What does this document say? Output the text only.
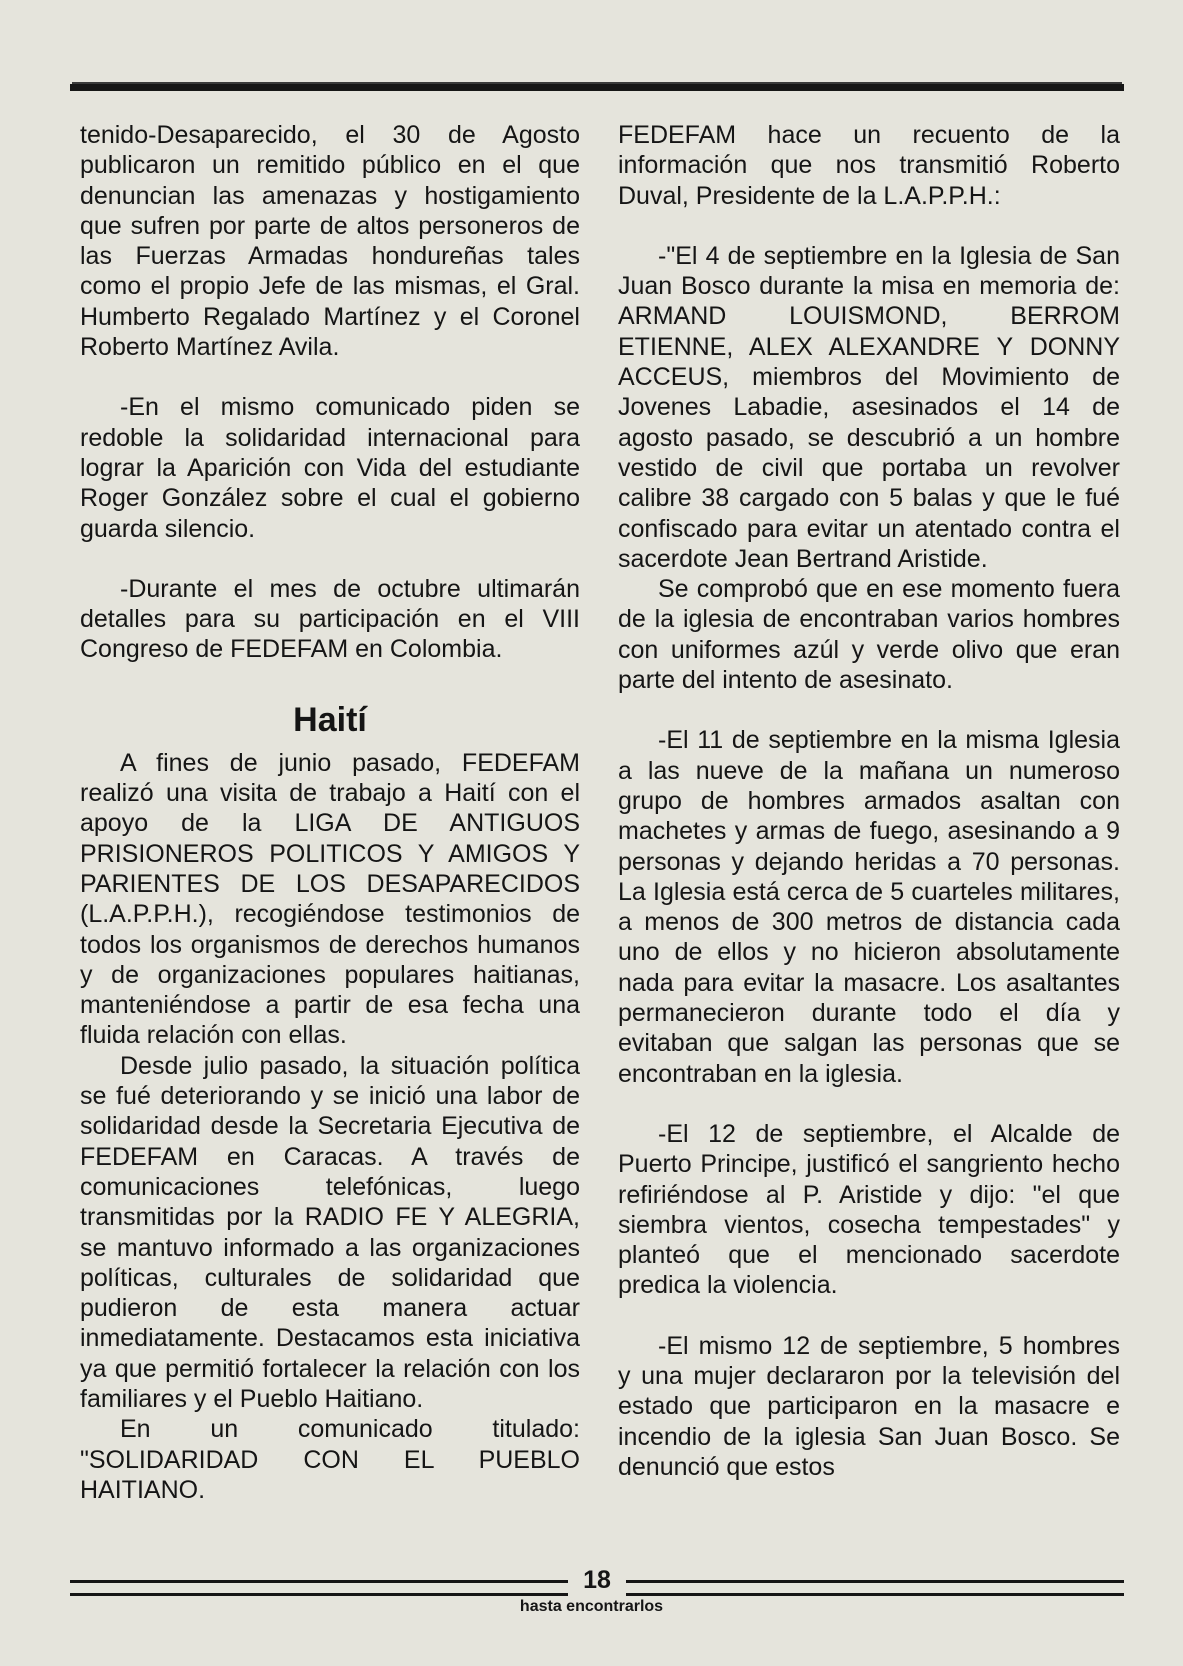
tenido-Desaparecido, el 30 de Agosto publicaron un remitido público en el que denuncian las amenazas y hostigamiento que sufren por parte de altos personeros de las Fuerzas Armadas hondureñas tales como el propio Jefe de las mismas, el Gral. Humberto Regalado Martínez y el Coronel Roberto Martínez Avila.

-En el mismo comunicado piden se redoble la solidaridad internacional para lograr la Aparición con Vida del estudiante Roger González sobre el cual el gobierno guarda silencio.

-Durante el mes de octubre ultimarán detalles para su participación en el VIII Congreso de FEDEFAM en Colombia.

Haití

A fines de junio pasado, FEDEFAM realizó una visita de trabajo a Haití con el apoyo de la LIGA DE ANTIGUOS PRISIONEROS POLITICOS Y AMIGOS Y PARIENTES DE LOS DESAPARECIDOS (L.A.P.P.H.), recogiéndose testimonios de todos los organismos de derechos humanos y de organizaciones populares haitianas, manteniéndose a partir de esa fecha una fluida relación con ellas.

Desde julio pasado, la situación política se fué deteriorando y se inició una labor de solidaridad desde la Secretaria Ejecutiva de FEDEFAM en Caracas. A través de comunicaciones telefónicas, luego transmitidas por la RADIO FE Y ALEGRIA, se mantuvo informado a las organizaciones políticas, culturales de solidaridad que pudieron de esta manera actuar inmediatamente. Destacamos esta iniciativa ya que permitió fortalecer la relación con los familiares y el Pueblo Haitiano.

En un comunicado titulado: "SOLIDARIDAD CON EL PUEBLO HAITIANO.

FEDEFAM hace un recuento de la información que nos transmitió Roberto Duval, Presidente de la L.A.P.P.H.:

-"El 4 de septiembre en la Iglesia de San Juan Bosco durante la misa en memoria de: ARMAND LOUISMOND, BERROM ETIENNE, ALEX ALEXANDRE Y DONNY ACCEUS, miembros del Movimiento de Jovenes Labadie, asesinados el 14 de agosto pasado, se descubrió a un hombre vestido de civil que portaba un revolver calibre 38 cargado con 5 balas y que le fué confiscado para evitar un atentado contra el sacerdote Jean Bertrand Aristide.

Se comprobó que en ese momento fuera de la iglesia de encontraban varios hombres con uniformes azúl y verde olivo que eran parte del intento de asesinato.

-El 11 de septiembre en la misma Iglesia a las nueve de la mañana un numeroso grupo de hombres armados asaltan con machetes y armas de fuego, asesinando a 9 personas y dejando heridas a 70 personas. La Iglesia está cerca de 5 cuarteles militares, a menos de 300 metros de distancia cada uno de ellos y no hicieron absolutamente nada para evitar la masacre. Los asaltantes permanecieron durante todo el día y evitaban que salgan las personas que se encontraban en la iglesia.

-El 12 de septiembre, el Alcalde de Puerto Principe, justificó el sangriento hecho refiriéndose al P. Aristide y dijo: "el que siembra vientos, cosecha tempestades" y planteó que el mencionado sacerdote predica la violencia.

-El mismo 12 de septiembre, 5 hombres y una mujer declararon por la televisión del estado que participaron en la masacre e incendio de la iglesia San Juan Bosco. Se denunció que estos

18
hasta encontrarlos
